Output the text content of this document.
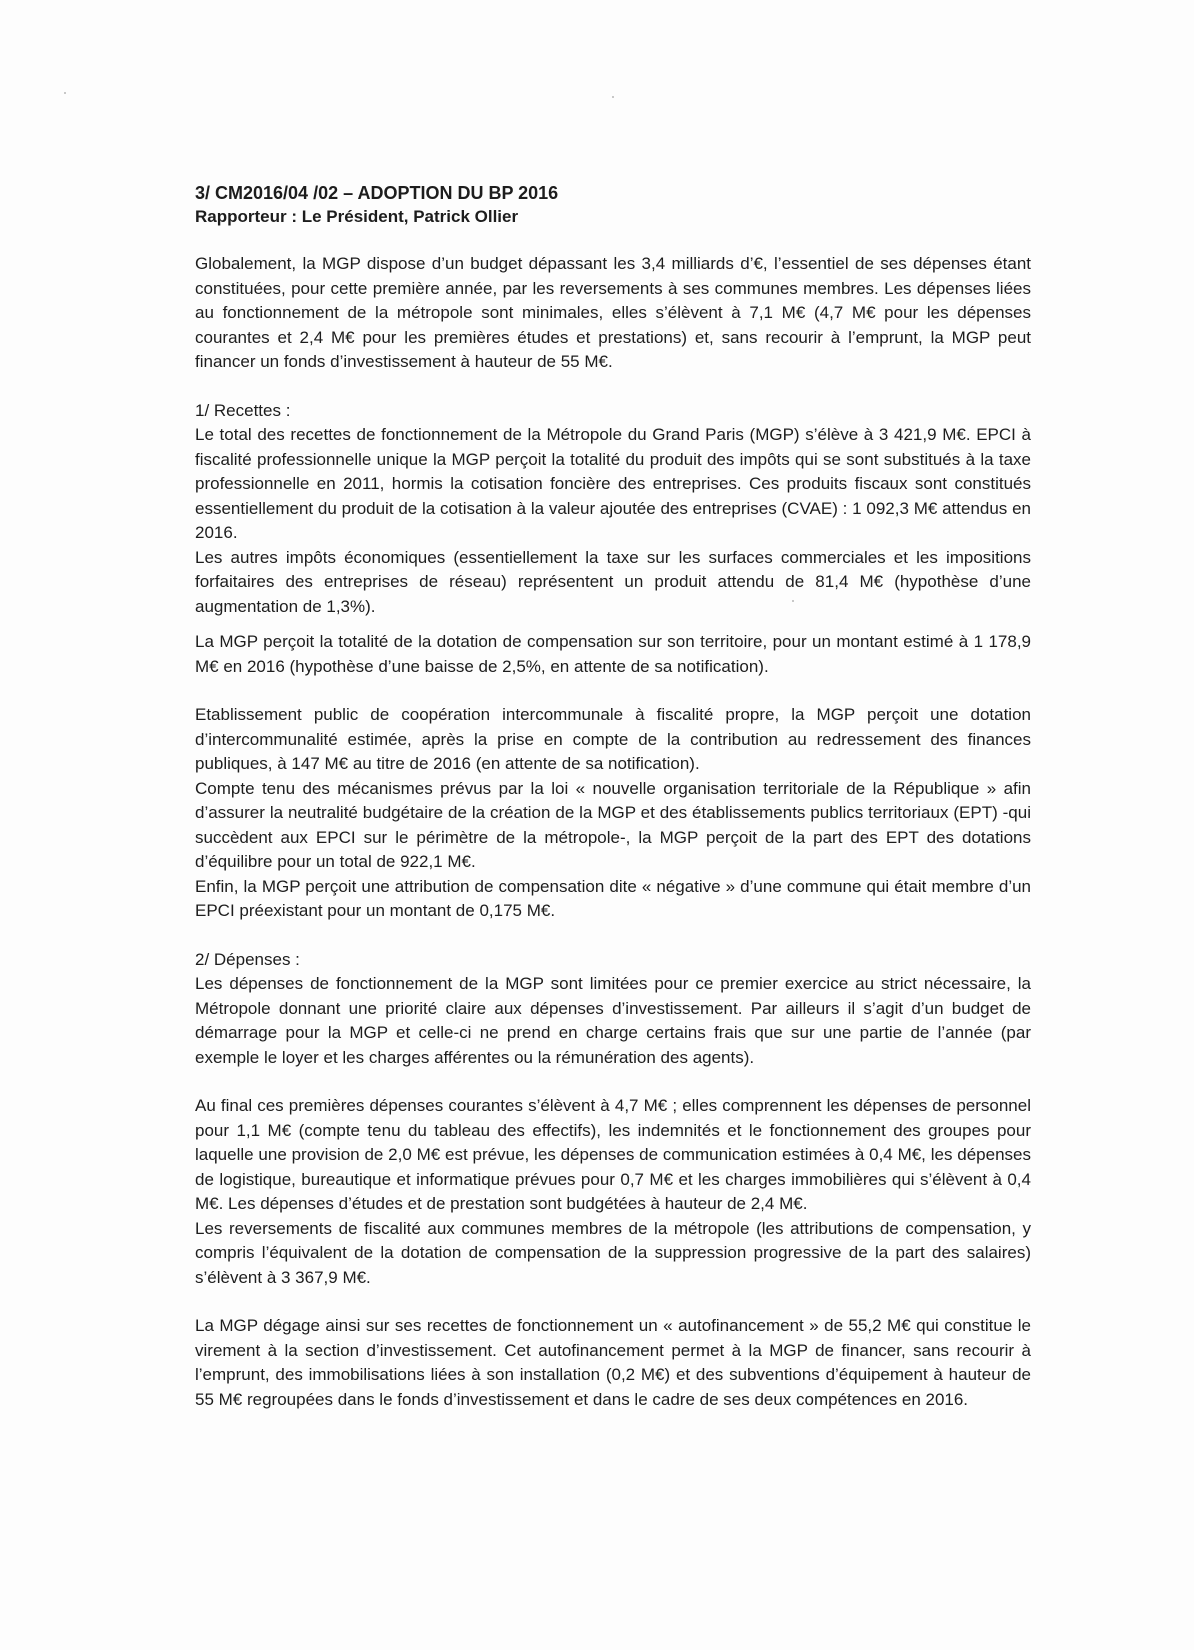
3/ CM2016/04 /02 – ADOPTION DU BP 2016
Rapporteur : Le Président, Patrick Ollier

Globalement, la MGP dispose d’un budget dépassant les 3,4 milliards d’€, l’essentiel de ses dépenses étant constituées, pour cette première année, par les reversements à ses communes membres. Les dépenses liées au fonctionnement de la métropole sont minimales, elles s’élèvent à 7,1 M€ (4,7 M€ pour les dépenses courantes et 2,4 M€ pour les premières études et prestations) et, sans recourir à l’emprunt, la MGP peut financer un fonds d’investissement à hauteur de 55 M€.

1/ Recettes :

Le total des recettes de fonctionnement de la Métropole du Grand Paris (MGP) s’élève à 3 421,9 M€. EPCI à fiscalité professionnelle unique la MGP perçoit la totalité du produit des impôts qui se sont substitués à la taxe professionnelle en 2011, hormis la cotisation foncière des entreprises. Ces produits fiscaux sont constitués essentiellement du produit de la cotisation à la valeur ajoutée des entreprises (CVAE) : 1 092,3 M€ attendus en 2016.

Les autres impôts économiques (essentiellement la taxe sur les surfaces commerciales et les impositions forfaitaires des entreprises de réseau) représentent un produit attendu de 81,4 M€ (hypothèse d’une augmentation de 1,3%).

La MGP perçoit la totalité de la dotation de compensation sur son territoire, pour un montant estimé à 1 178,9 M€ en 2016 (hypothèse d’une baisse de 2,5%, en attente de sa notification).

Etablissement public de coopération intercommunale à fiscalité propre, la MGP perçoit une dotation d’intercommunalité estimée, après la prise en compte de la contribution au redressement des finances publiques, à 147 M€ au titre de 2016 (en attente de sa notification).

Compte tenu des mécanismes prévus par la loi « nouvelle organisation territoriale de la République » afin d’assurer la neutralité budgétaire de la création de la MGP et des établissements publics territoriaux (EPT) -qui succèdent aux EPCI sur le périmètre de la métropole-, la MGP perçoit de la part des EPT des dotations d’équilibre pour un total de 922,1 M€.

Enfin, la MGP perçoit une attribution de compensation dite « négative » d’une commune qui était membre d’un EPCI préexistant pour un montant de 0,175 M€.

2/ Dépenses :

Les dépenses de fonctionnement de la MGP sont limitées pour ce premier exercice au strict nécessaire, la Métropole donnant une priorité claire aux dépenses d’investissement. Par ailleurs il s’agit d’un budget de démarrage pour la MGP et celle-ci ne prend en charge certains frais que sur une partie de l’année (par exemple le loyer et les charges afférentes ou la rémunération des agents).

Au final ces premières dépenses courantes s’élèvent à 4,7 M€ ; elles comprennent les dépenses de personnel pour 1,1 M€ (compte tenu du tableau des effectifs), les indemnités et le fonctionnement des groupes pour laquelle une provision de 2,0 M€ est prévue, les dépenses de communication estimées à 0,4 M€, les dépenses de logistique, bureautique et informatique prévues pour 0,7 M€ et les charges immobilières qui s’élèvent à 0,4 M€. Les dépenses d’études et de prestation sont budgétées à hauteur de 2,4 M€.

Les reversements de fiscalité aux communes membres de la métropole (les attributions de compensation, y compris l’équivalent de la dotation de compensation de la suppression progressive de la part des salaires) s’élèvent à 3 367,9 M€.

La MGP dégage ainsi sur ses recettes de fonctionnement un « autofinancement » de 55,2 M€ qui constitue le virement à la section d’investissement. Cet autofinancement permet à la MGP de financer, sans recourir à l’emprunt, des immobilisations liées à son installation (0,2 M€) et des subventions d’équipement à hauteur de 55 M€ regroupées dans le fonds d’investissement et dans le cadre de ses deux compétences en 2016.
